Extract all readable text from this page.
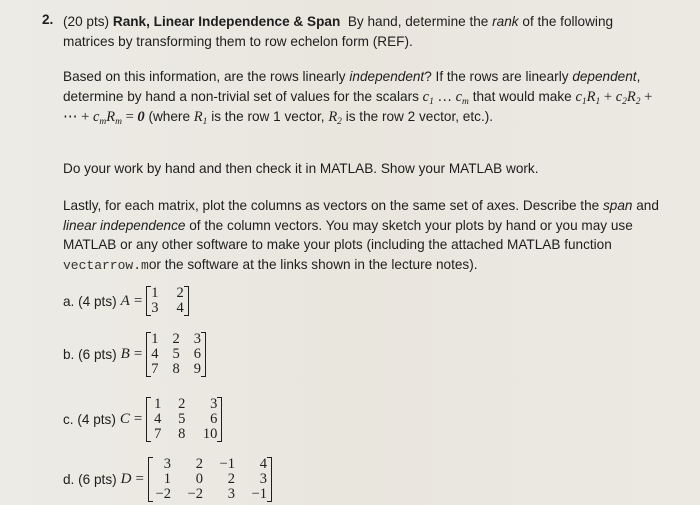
2. (20 pts) Rank, Linear Independence & Span By hand, determine the rank of the following matrices by transforming them to row echelon form (REF).
Based on this information, are the rows linearly independent? If the rows are linearly dependent, determine by hand a non-trivial set of values for the scalars $c_1$ … $c_m$ that would make $c_1R_1 + c_2R_2$ + ⋯ + $c_mR_m = 0$ (where $R_1$ is the row 1 vector, $R_2$ is the row 2 vector, etc.).
Do your work by hand and then check it in MATLAB. Show your MATLAB work.
Lastly, for each matrix, plot the columns as vectors on the same set of axes. Describe the span and linear independence of the column vectors. You may sketch your plots by hand or you may use MATLAB or any other software to make your plots (including the attached MATLAB function vectarrow.mor the software at the links shown in the lecture notes).
a. (4 pts) A = 1 2
3 4
b. (6 pts) B =
1 2 3
4 5 6
7 8 9
c. (4 pts) C =
1 2	3
4 5	6
7 8 10
d. (6 pts) D =
3	2 −1	4
1	0	2	3
−2 −2	3 −1
